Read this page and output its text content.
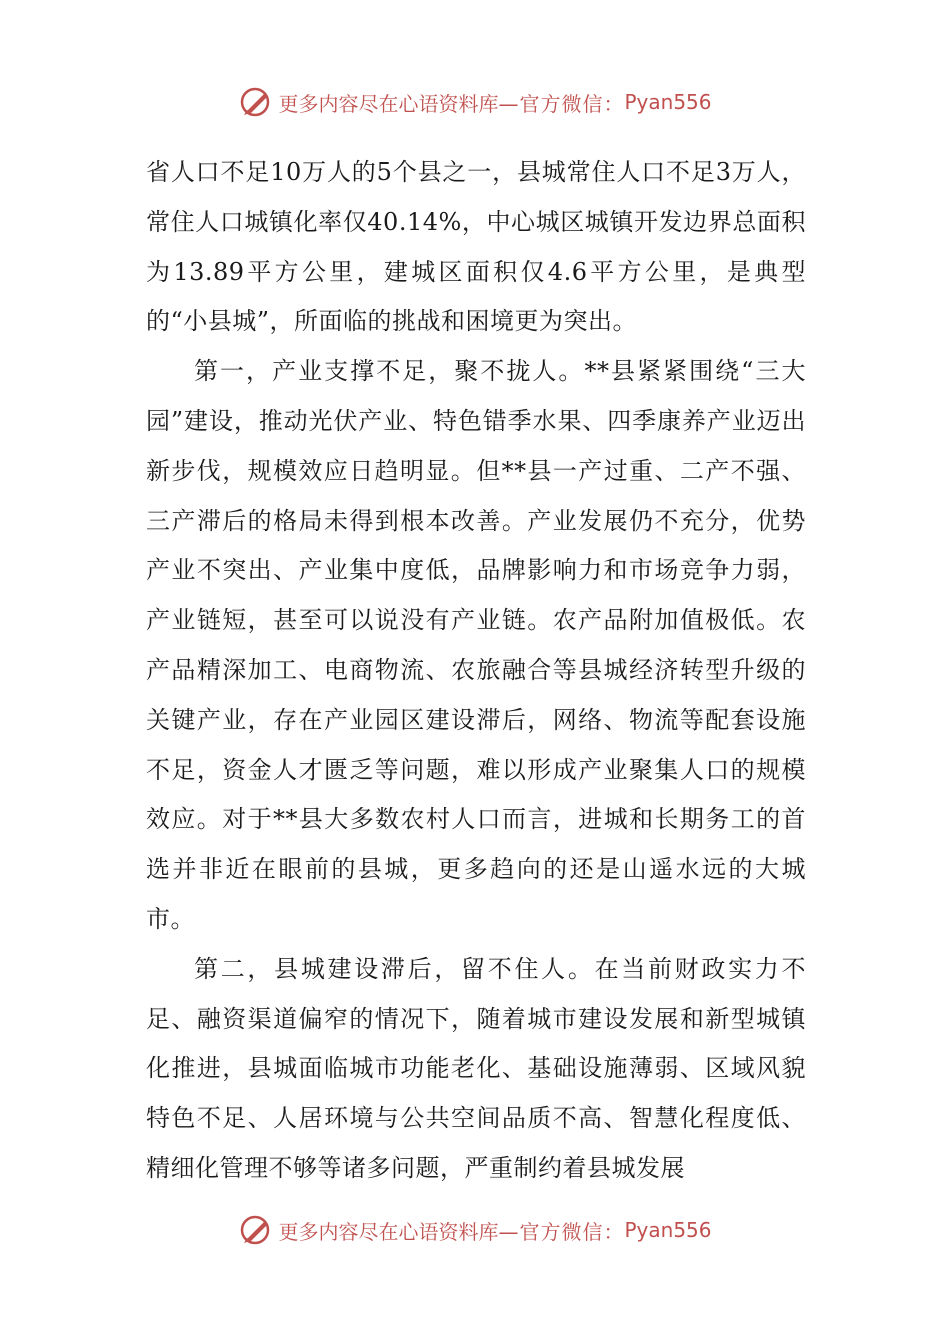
更多内容尽在心语资料库 —官方微信： Pyan556

省人口不足10万人的5个县之一，县城常住人口不足3万人，常住人口城镇化率仅40.14%，中心城区城镇开发边界总面积为13.89平方公里，建城区面积仅4.6平方公里，是典型的“小县城”，所面临的挑战和困境更为突出。

第一，产业支撑不足，聚不拢人。**县紧紧围绕“三大园”建设，推动光伏产业、特色错季水果、四季康养产业迈出新步伐，规模效应日趋明显。但**县一产过重、二产不强、三产滞后的格局未得到根本改善。产业发展仍不充分，优势产业不突出、产业集中度低，品牌影响力和市场竞争力弱，产业链短，甚至可以说没有产业链。农产品附加值极低。农产品精深加工、电商物流、农旅融合等县城经济转型升级的关键产业，存在产业园区建设滞后，网络、物流等配套设施不足，资金人才匮乏等问题，难以形成产业聚集人口的规模效应。对于**县大多数农村人口而言，进城和长期务工的首选并非近在眼前的县城，更多趋向的还是山遥水远的大城市。

第二，县城建设滞后，留不住人。在当前财政实力不足、融资渠道偏窄的情况下，随着城市建设发展和新型城镇化推进，县城面临城市功能老化、基础设施薄弱、区域风貌特色不足、人居环境与公共空间品质不高、智慧化程度低、精细化管理不够等诸多问题，严重制约着县城发展

更多内容尽在心语资料库 —官方微信： Pyan556
